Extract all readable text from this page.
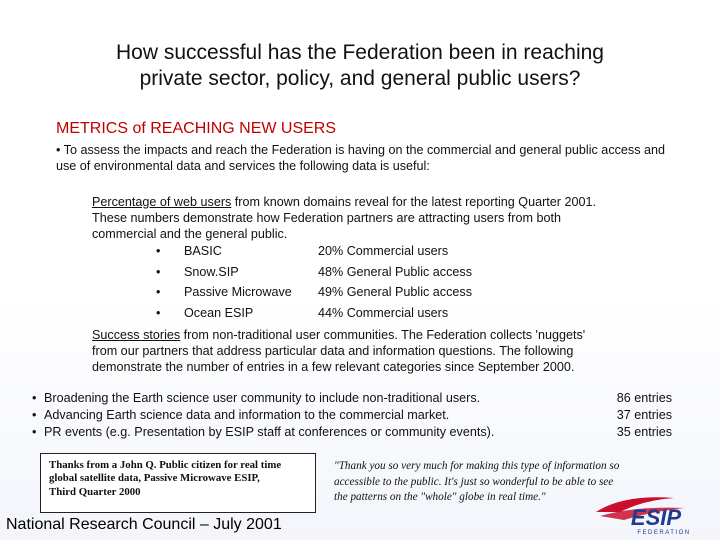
How successful has the Federation been in reaching
private sector, policy, and general public users?
METRICS of REACHING NEW USERS
• To assess the impacts and reach the Federation is having on the commercial and general public access and use of environmental data and services the following data is useful:
Percentage of web users from known domains reveal for the latest reporting Quarter 2001.
These numbers demonstrate how Federation partners are attracting users from both
commercial and the general public.
• BASIC	20% Commercial users
• Snow.SIP	48% General Public access
• Passive Microwave 49% General Public access
• Ocean ESIP	44% Commercial users
Success stories from non-traditional user communities. The Federation collects 'nuggets'
from our partners that address particular data and information questions. The following
demonstrate the number of entries in a few relevant categories since September 2000.
• Broadening the Earth science user community to include non-traditional users.	86 entries
• Advancing Earth science data and information to the commercial market.	37 entries
• PR events (e.g. Presentation by ESIP staff at conferences or community events).	35 entries
Thanks from a John Q. Public citizen for real time
global satellite data, Passive Microwave ESIP,
Third Quarter 2000
"Thank you so very much for making this type of information so
accessible to the public. It's just so wonderful to be able to see
the patterns on the "whole" globe in real time."
National Research Council – July 2001	ESIP
FEDERATION
